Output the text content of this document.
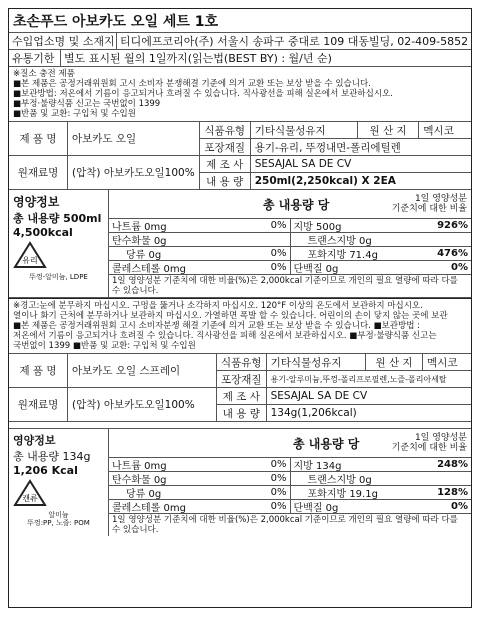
초손푸드 아보카도 오일 세트 1호
수입업소명 및 소재지 티디에프코리아(주) 서울시 송파구 중대로 109 대동빌딩, 02-409-5852
유통기한 별도 표시된 월의 1일까지(읽는법(BEST BY) : 월/년 순)
※질소 충전 제품
■본 제품은 공정거래위원회 고시 소비자 분쟁해결 기준에 의거 교환 또는 보상 받을 수 있습니다.
■보관방법: 저온에서 기름이 응고되거나 흐려질 수 있습니다. 직사광선을 피해 실온에서 보관하십시오.
■부정·불량식품 신고는 국번없이 1399
■반품 및 교환: 구입처 및 수입원
제 품 명	아보카도 오일	식품유형	기타식물성유지	원 산 지	멕시코
		포장재질	용기-유리, 뚜껑내면-폴리에틸렌		
원재료명	(압착) 아보카도오일100%	제 조 사	SESAJAL SA DE CV		
		내 용 량	250ml(2,250kcal) X 2EA		
영양정보
총 내용량 500ml
4,500kcal
유리
뚜껑-알미늄, LDPE
총 내용량 당	1일 영양성분
기준치에 대한 비율
나트륨 0mg	0% 지방 500g	926%
탄수화물 0g	트랜스지방 0g
당류 0g	0%	포화지방 71.4g	476%
콜레스테롤 0mg	0% 단백질 0g	0%
1일 영양성분 기준치에 대한 비율(%)은 2,000kcal 기준이므로 개인의 필요 열량에 따라 다를 수 있습니다.
※경고:눈에 분무하지 마십시오. 구멍을 뚫거나 소각하지 마십시오. 120°F 이상의 온도에서 보관하지 마십시오.
열이나 화기 근처에 분무하거나 보관하지 마십시오. 가열하면 폭발 할 수 있습니다. 어린이의 손이 닿지 않는 곳에 보관
■본 제품은 공정거래위원회 고시 소비자분쟁 해결 기준에 의거 교환 또는 보상 받을 수 있습니다. ■보관방법 :
저온에서 기름이 응고되거나 흐려질 수 있습니다. 직사광선을 피해 실온에서 보관하십시오. ■부정·불량식품 신고는
국번없이 1399 ■반품 및 교환: 구입처 및 수입원
제 품 명	아보카도 오일 스프레이	식품유형	기타식물성유지	원 산 지	멕시코
		포장재질	용기-알루미늄,뚜껑-폴리프로필렌,노즐-폴리아세탈		
원재료명	(압착) 아보카도오일100%	제 조 사	SESAJAL SA DE CV		
		내 용 량	134g(1,206kcal)		
영양정보
총 내용량 134g
1,206 Kcal
캔류
알미늄
뚜껑:PP, 노즐: POM
총 내용량 당	1일 영양성분
기준치에 대한 비율
나트륨 0mg	0% 지방 134g	248%
탄수화물 0g	0%	트랜스지방 0g
당류 0g	0%	포화지방 19.1g	128%
콜레스테롤 0mg	0% 단백질 0g	0%
1일 영양성분 기준치에 대한 비율(%)은 2,000kcal 기준이므로 개인의 필요 열량에 따라 다를 수 있습니다.
